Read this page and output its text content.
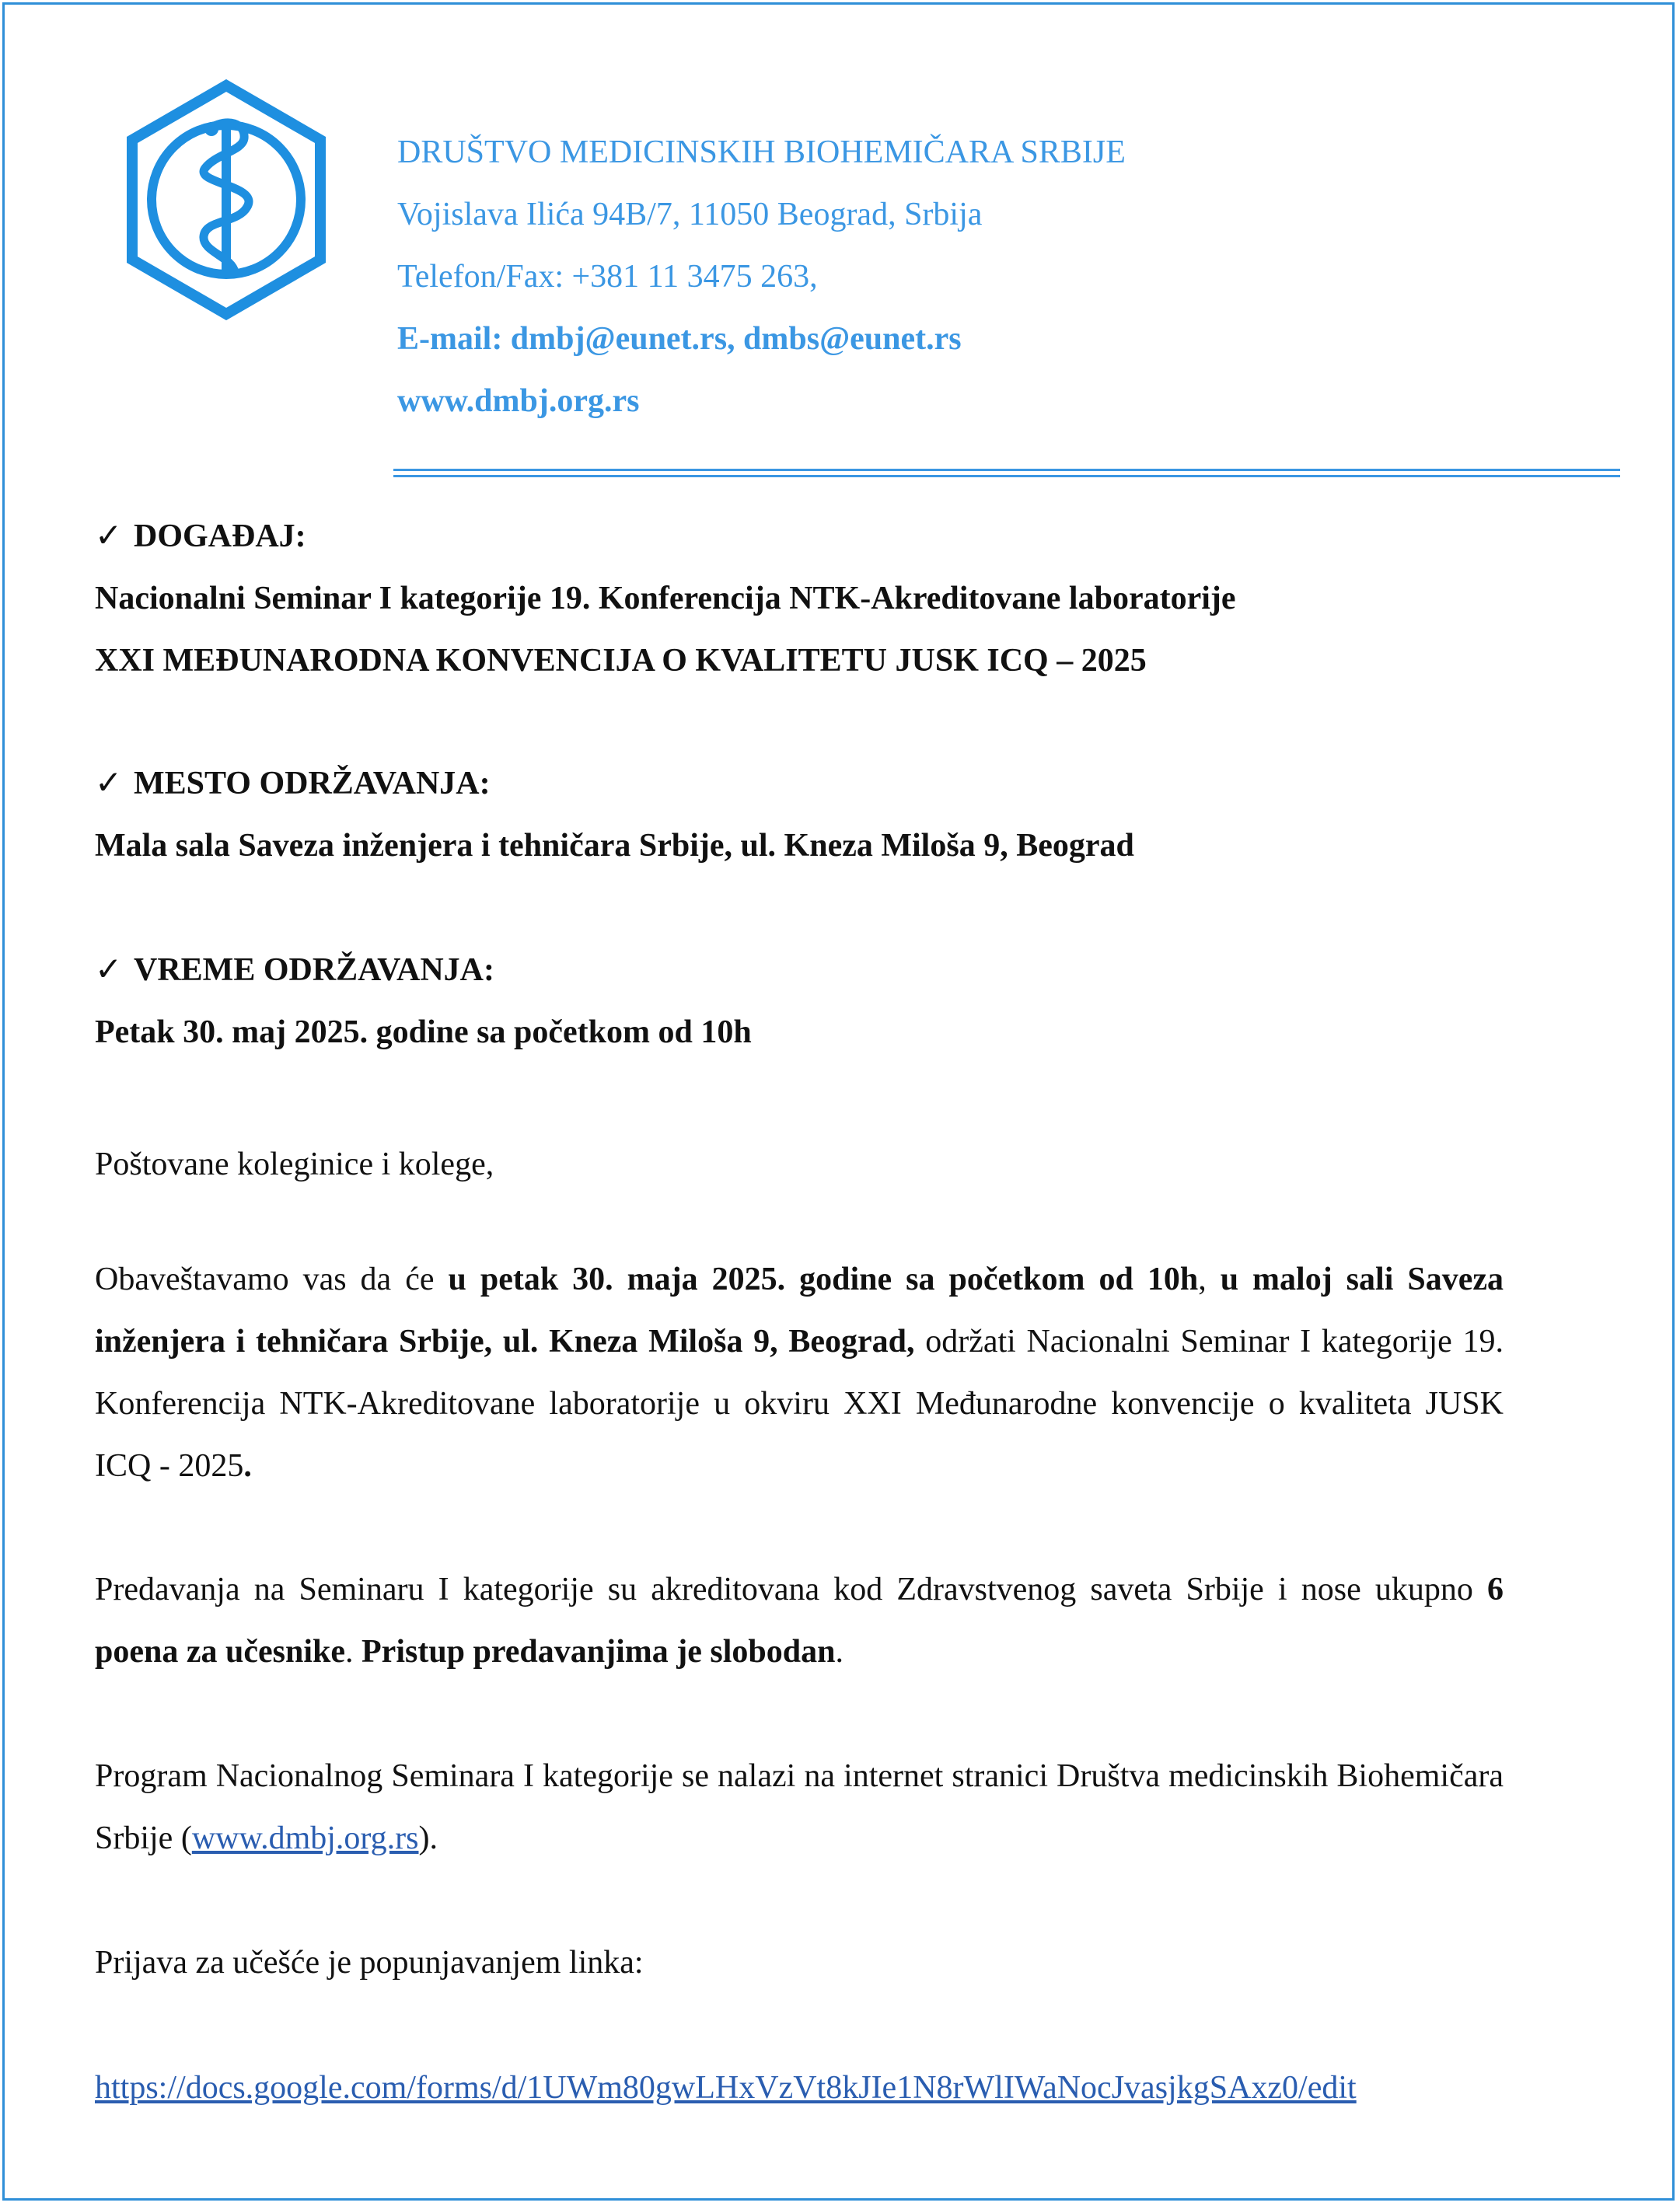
DRUŠTVO MEDICINSKIH BIOHEMIČARA SRBIJE
Vojislava Ilića 94B/7, 11050 Beograd, Srbija
Telefon/Fax: +381 11 3475 263,
E-mail: dmbj@eunet.rs, dmbs@eunet.rs
www.dmbj.org.rs
✓ DOGAĐAJ:
Nacionalni Seminar I kategorije 19. Konferencija NTK-Akreditovane laboratorije
XXI MEĐUNARODNA KONVENCIJA O KVALITETU JUSK ICQ – 2025
✓ MESTO ODRŽAVANJA:
Mala sala Saveza inženjera i tehničara Srbije, ul. Kneza Miloša 9, Beograd
✓ VREME ODRŽAVANJA:
Petak 30. maj 2025. godine sa početkom od 10h
Poštovane koleginice i kolege,
Obaveštavamo vas da će u petak 30. maja 2025. godine sa početkom od 10h, u maloj sali Saveza inženjera i tehničara Srbije, ul. Kneza Miloša 9, Beograd, održati Nacionalni Seminar I kategorije 19. Konferencija NTK-Akreditovane laboratorije u okviru XXI Međunarodne konvencije o kvaliteta JUSK ICQ - 2025.
Predavanja na Seminaru I kategorije su akreditovana kod Zdravstvenog saveta Srbije i nose ukupno 6 poena za učesnike. Pristup predavanjima je slobodan.
Program Nacionalnog Seminara I kategorije se nalazi na internet stranici Društva medicinskih Biohemičara Srbije (www.dmbj.org.rs).
Prijava za učešće je popunjavanjem linka:
https://docs.google.com/forms/d/1UWm80gwLHxVzVt8kJIe1N8rWlIWaNocJvasjkgSAxz0/edit
